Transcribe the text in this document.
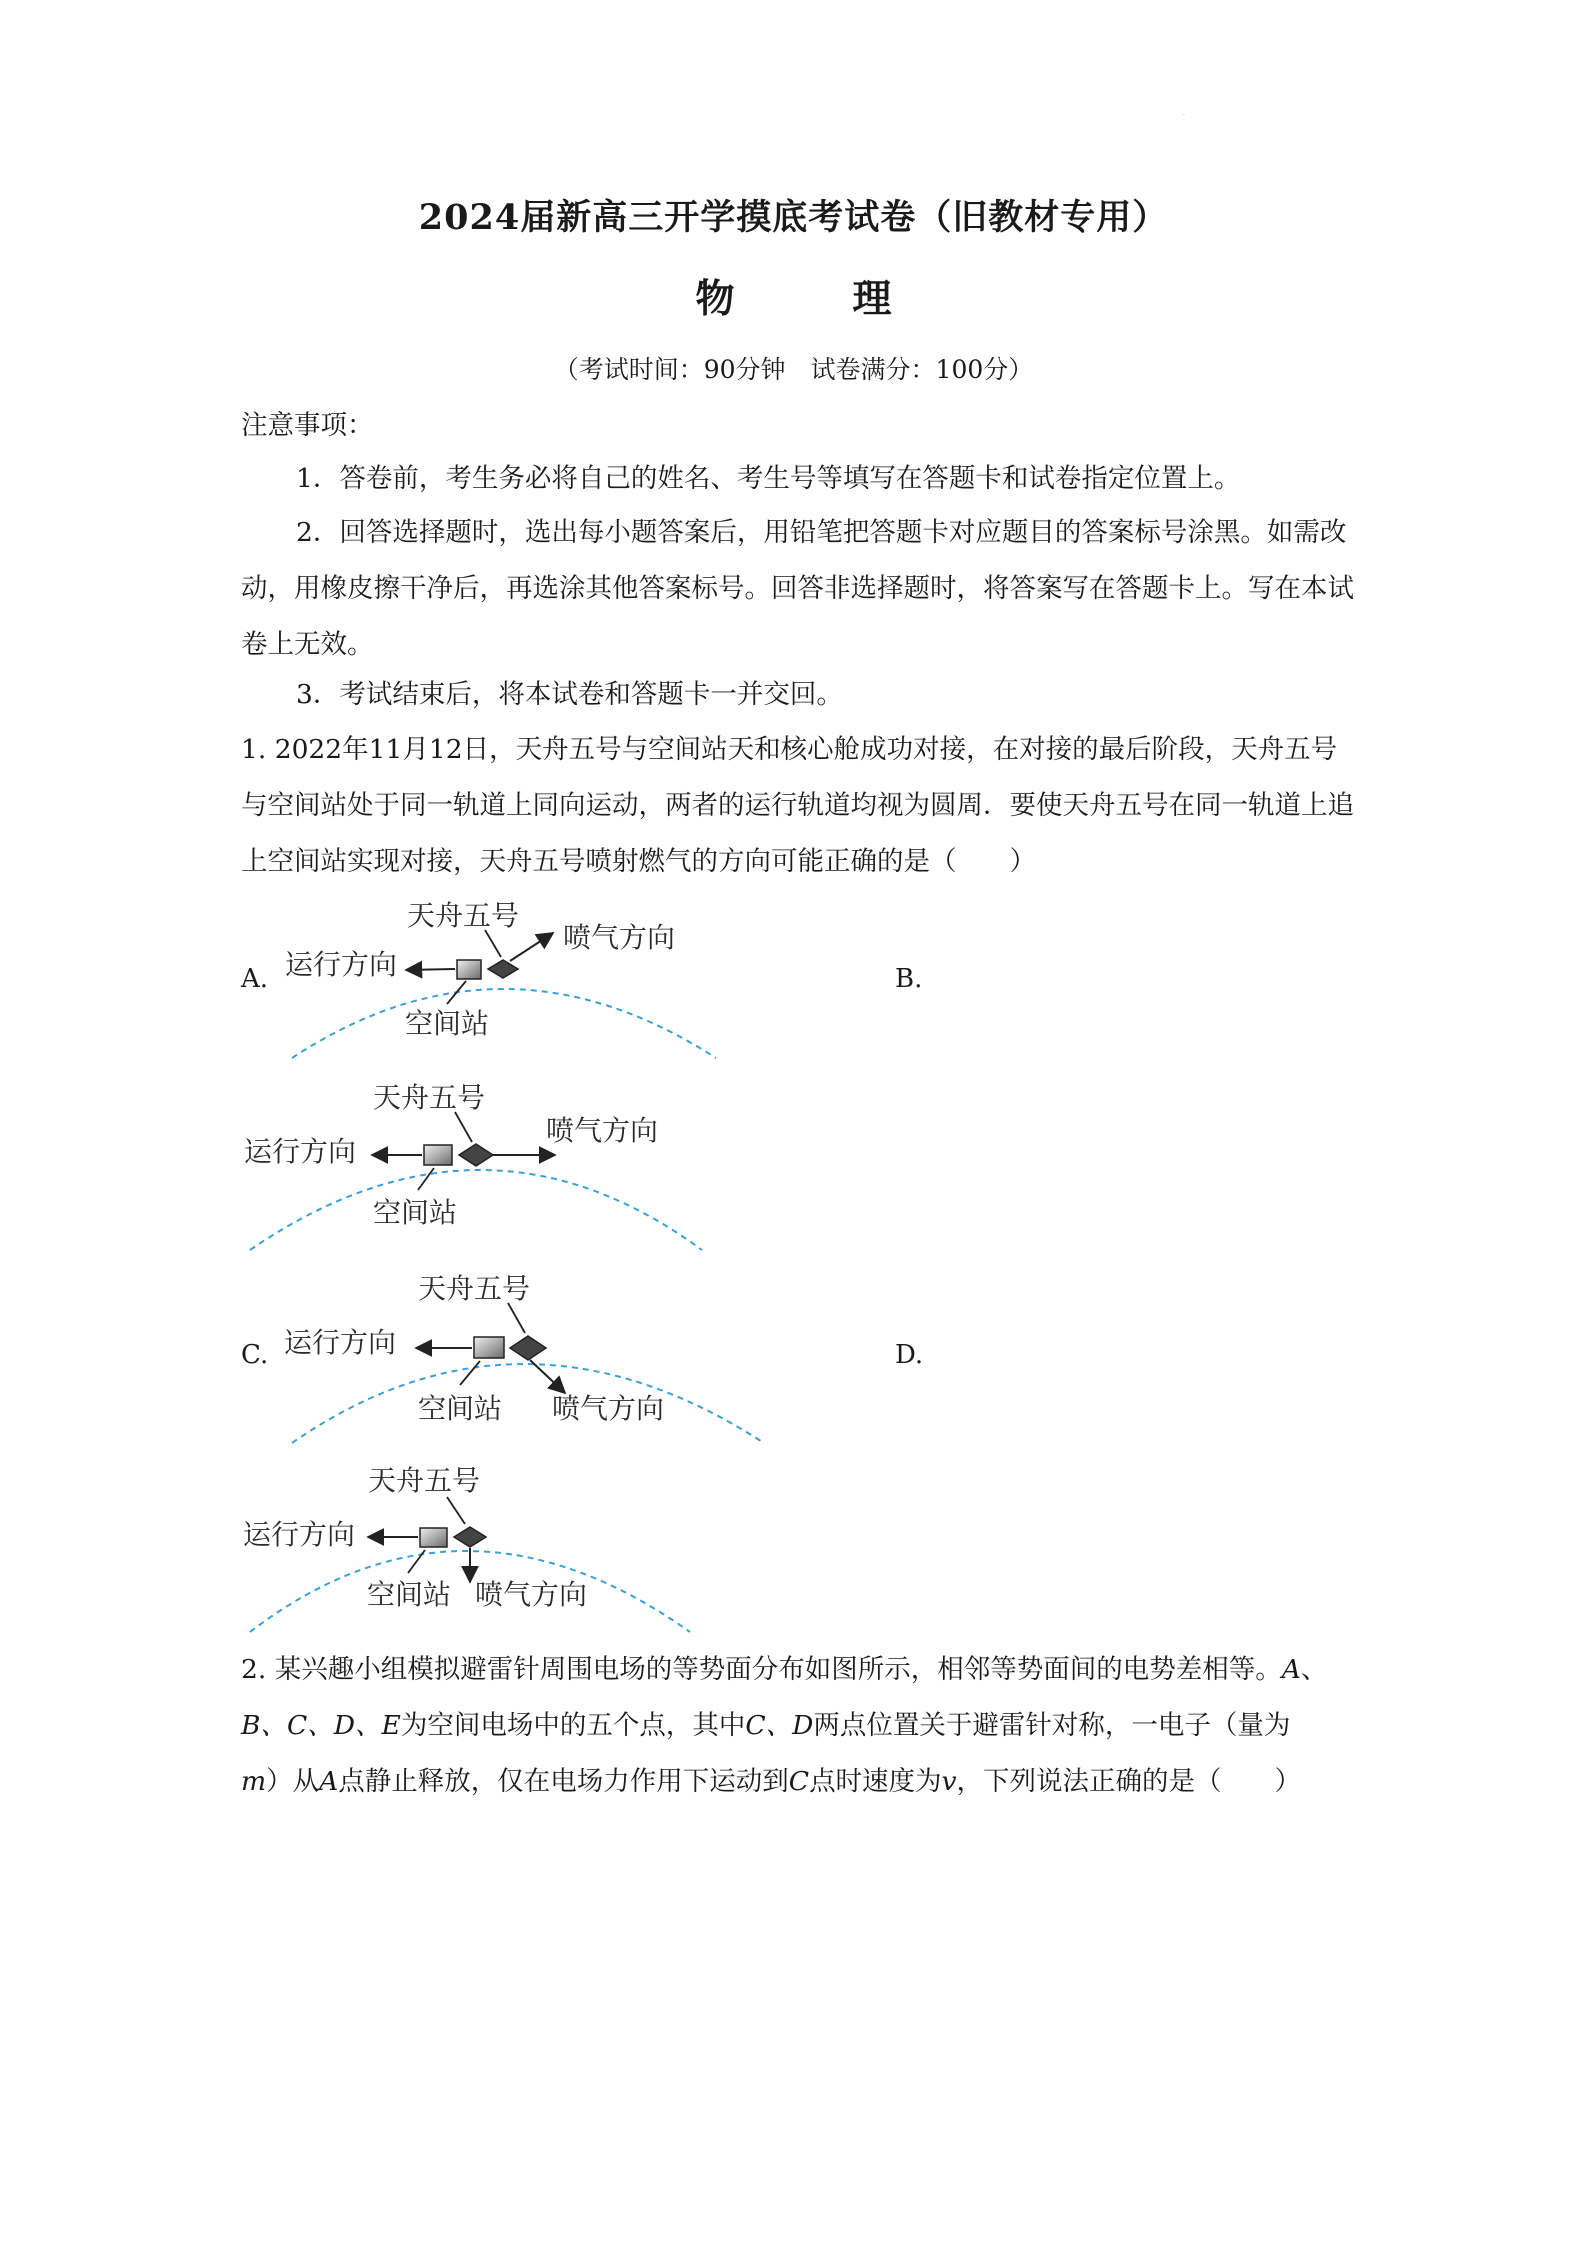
·
2024届新高三开学摸底考试卷（旧教材专用）
物	理
（考试时间：90分钟　试卷满分：100分）
注意事项：
1．答卷前，考生务必将自己的姓名、考生号等填写在答题卡和试卷指定位置上。
2．回答选择题时，选出每小题答案后，用铅笔把答题卡对应题目的答案标号涂黑。如需改动，用橡皮擦干净后，再选涂其他答案标号。回答非选择题时，将答案写在答题卡上。写在本试卷上无效。
3．考试结束后，将本试卷和答题卡一并交回。
1. 2022年11月12日，天舟五号与空间站天和核心舱成功对接，在对接的最后阶段，天舟五号与空间站处于同一轨道上同向运动，两者的运行轨道均视为圆周．要使天舟五号在同一轨道上追上空间站实现对接，天舟五号喷射燃气的方向可能正确的是（　　）
A.	B.
C.	D.
天舟五号
运行方向
空间站
喷气方向
天舟五号
运行方向
空间站
喷气方向
天舟五号
运行方向
空间站 喷气方向
天舟五号
运行方向
空间站 喷气方向
2. 某兴趣小组模拟避雷针周围电场的等势面分布如图所示，相邻等势面间的电势差相等。A、
B、C、D、E为空间电场中的五个点，其中C、D两点位置关于避雷针对称，一电子（量为
m）从A点静止释放，仅在电场力作用下运动到C点时速度为v，下列说法正确的是（　　）
